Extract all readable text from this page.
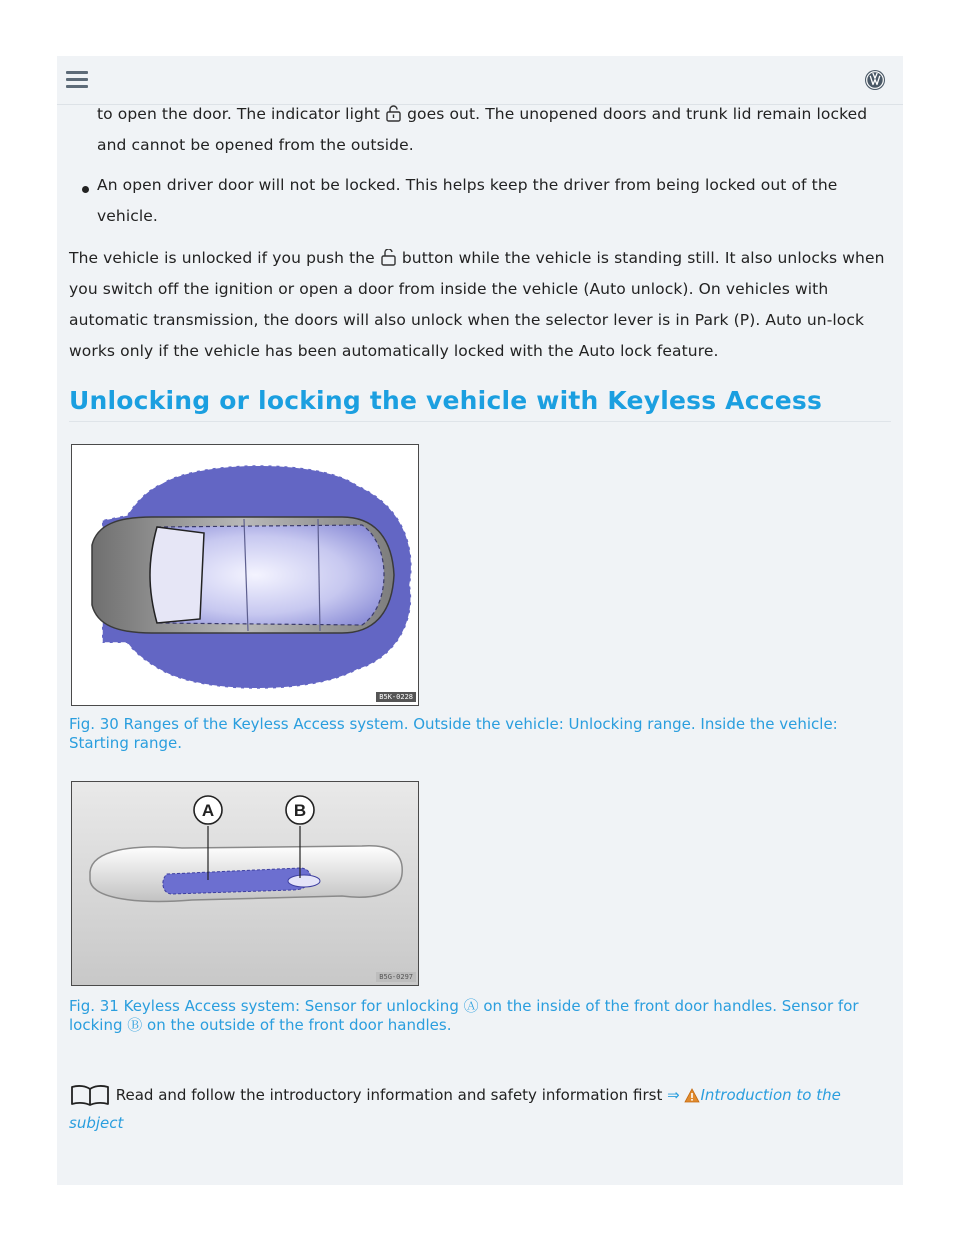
to open the door. The indicator light  goes out. The unopened doors and trunk lid remain locked and cannot be opened from the outside.
An open driver door will not be locked. This helps keep the driver from being locked out of the vehicle.
The vehicle is unlocked if you push the  button while the vehicle is standing still. It also unlocks when you switch off the ignition or open a door from inside the vehicle (Auto unlock). On vehicles with automatic transmission, the doors will also unlock when the selector lever is in Park (P). Auto un-lock works only if the vehicle has been automatically locked with the Auto lock feature.
Unlocking or locking the vehicle with Keyless Access
B5K-0228
Fig. 30 Ranges of the Keyless Access system. Outside the vehicle: Unlocking range. Inside the vehicle: Starting range.
A	B
B5G-0297
Fig. 31 Keyless Access system: Sensor for unlocking Ⓐ on the inside of the front door handles. Sensor for locking Ⓑ on the outside of the front door handles.
Read and follow the introductory information and safety information first ⇒ Introduction to the subject
